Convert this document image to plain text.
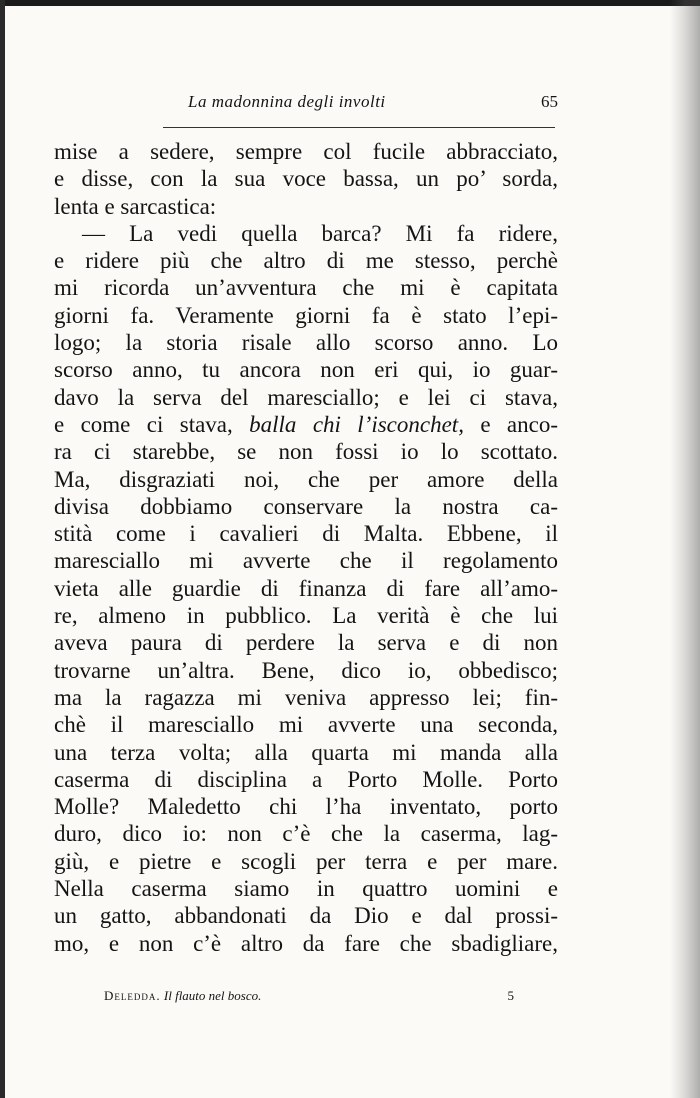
La madonnina degli involti	65
mise a sedere, sempre col fucile abbracciato,
e disse, con la sua voce bassa, un po’ sorda,
lenta e sarcastica:
— La vedi quella barca? Mi fa ridere,
e ridere più che altro di me stesso, perchè
mi ricorda un’avventura che mi è capitata
giorni fa. Veramente giorni fa è stato l’epi-
logo; la storia risale allo scorso anno. Lo
scorso anno, tu ancora non eri qui, io guar-
davo la serva del maresciallo; e lei ci stava,
e come ci stava, balla chi l’isconchet, e anco-
ra ci starebbe, se non fossi io lo scottato.
Ma, disgraziati noi, che per amore della
divisa dobbiamo conservare la nostra ca-
stità come i cavalieri di Malta. Ebbene, il
maresciallo mi avverte che il regolamento
vieta alle guardie di finanza di fare all’amo-
re, almeno in pubblico. La verità è che lui
aveva paura di perdere la serva e di non
trovarne un’altra. Bene, dico io, obbedisco;
ma la ragazza mi veniva appresso lei; fin-
chè il maresciallo mi avverte una seconda,
una terza volta; alla quarta mi manda alla
caserma di disciplina a Porto Molle. Porto
Molle? Maledetto chi l’ha inventato, porto
duro, dico io: non c’è che la caserma, lag-
giù, e pietre e scogli per terra e per mare.
Nella caserma siamo in quattro uomini e
un gatto, abbandonati da Dio e dal prossi-
mo, e non c’è altro da fare che sbadigliare,
Deledda. Il flauto nel bosco.	5
